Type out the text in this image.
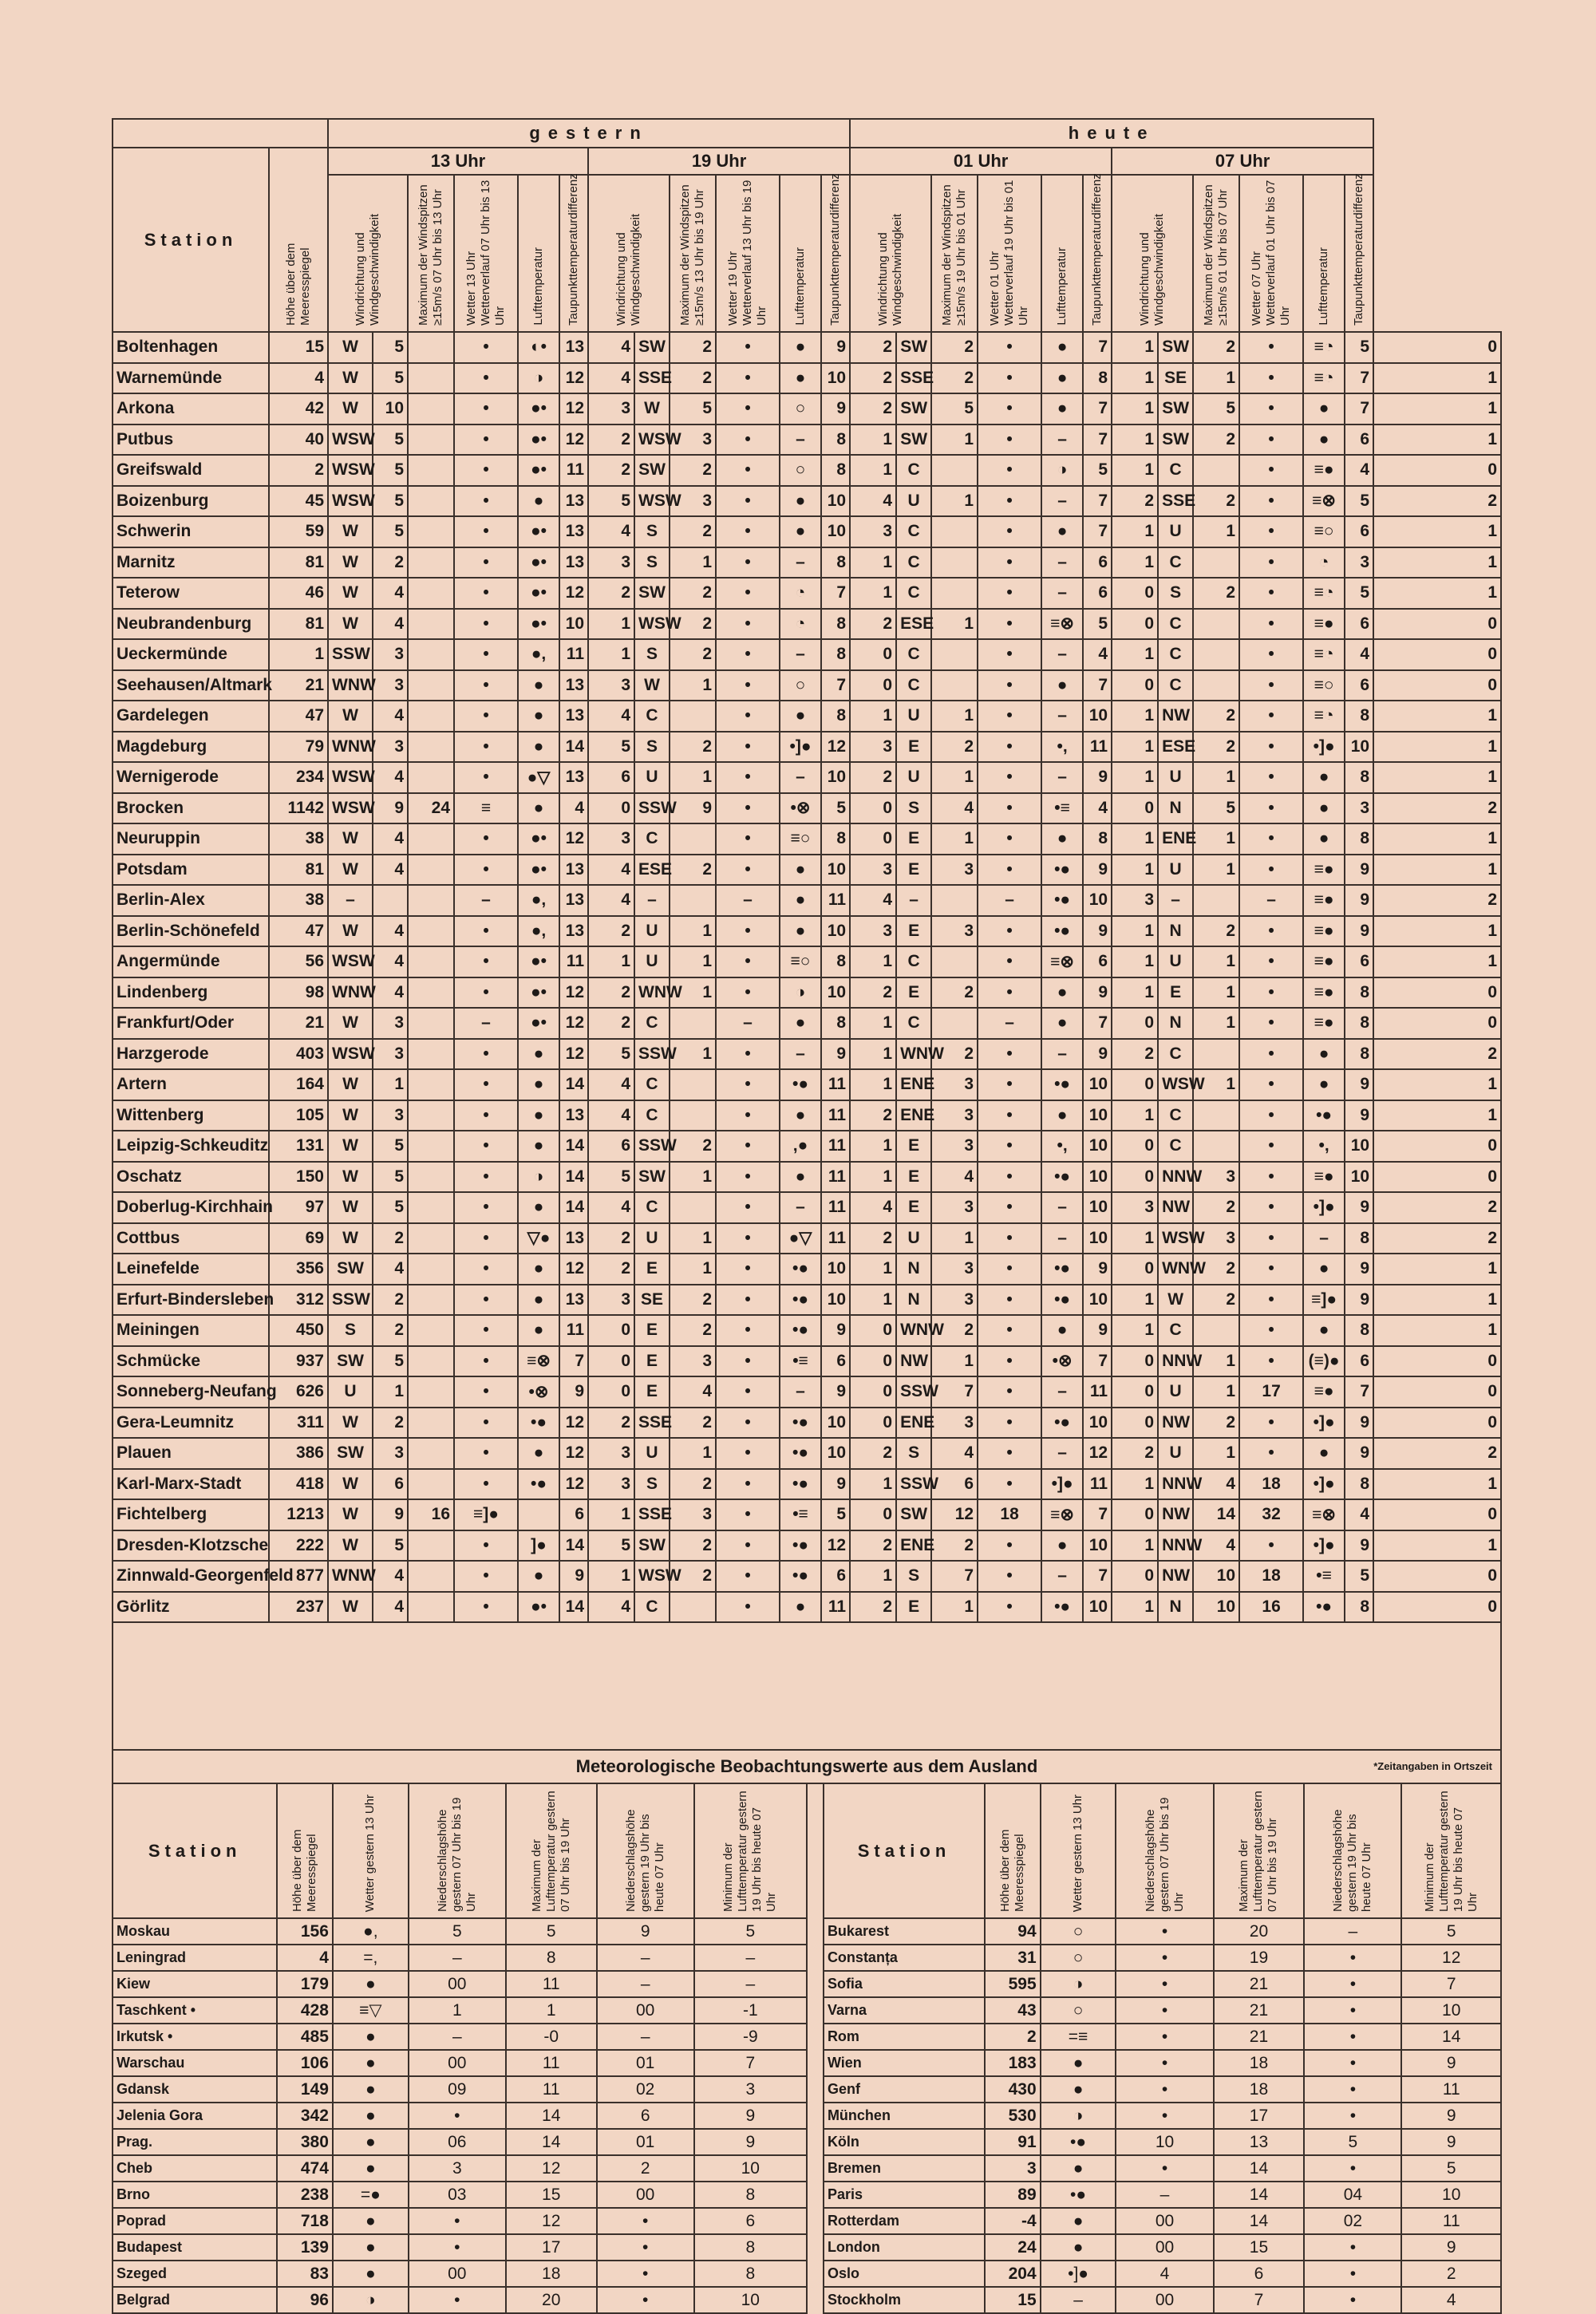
		gestern												heute												
Station	Höhe über dem Meeresspiegel	13 Uhr						19 Uhr						01 Uhr						07 Uhr						
		Windrichtung und Windgeschwindigkeit		Maximum der Windspitzen ≥15m/s 07 Uhr bis 13 Uhr	Wetter 13 Uhr Wetterverlauf 07 Uhr bis 13 Uhr	Lufttemperatur	Taupunkttemperaturdifferenz	Windrichtung und Windgeschwindigkeit		Maximum der Windspitzen ≥15m/s 13 Uhr bis 19 Uhr	Wetter 19 Uhr Wetterverlauf 13 Uhr bis 19 Uhr	Lufttemperatur	Taupunkttemperaturdifferenz	Windrichtung und Windgeschwindigkeit		Maximum der Windspitzen ≥15m/s 19 Uhr bis 01 Uhr	Wetter 01 Uhr Wetterverlauf 19 Uhr bis 01 Uhr	Lufttemperatur	Taupunkttemperaturdifferenz	Windrichtung und Windgeschwindigkeit		Maximum der Windspitzen ≥15m/s 01 Uhr bis 07 Uhr	Wetter 07 Uhr Wetterverlauf 01 Uhr bis 07 Uhr	Lufttemperatur	Taupunkttemperaturdifferenz	
Boltenhagen	15	W	5		•	◐•	13	4	SW	2	•	●	9	2	SW	2	•	●	7	1	SW	2	•	≡◔	5	0
Warnemünde	4	W	5		•	◑	12	4	SSE	2	•	●	10	2	SSE	2	•	●	8	1	SE	1	•	≡◔	7	1
Arkona	42	W	10		•	●•	12	3	W	5	•	○	9	2	SW	5	•	●	7	1	SW	5	•	●	7	1
Putbus	40	WSW	5		•	●•	12	2	WSW	3	•	–	8	1	SW	1	•	–	7	1	SW	2	•	●	6	1
Greifswald	2	WSW	5		•	●•	11	2	SW	2	•	○	8	1	C		•	◑	5	1	C		•	≡●	4	0
Boizenburg	45	WSW	5		•	●	13	5	WSW	3	•	●	10	4	U	1	•	–	7	2	SSE	2	•	≡⊗	5	2
Schwerin	59	W	5		•	●•	13	4	S	2	•	●	10	3	C		•	●	7	1	U	1	•	≡○	6	1
Marnitz	81	W	2		•	●•	13	3	S	1	•	–	8	1	C		•	–	6	1	C		•	◔	3	1
Teterow	46	W	4		•	●•	12	2	SW	2	•	◔	7	1	C		•	–	6	0	S	2	•	≡◔	5	1
Neubrandenburg	81	W	4		•	●•	10	1	WSW	2	•	◔	8	2	ESE	1	•	≡⊗	5	0	C		•	≡●	6	0
Ueckermünde	1	SSW	3		•	●,	11	1	S	2	•	–	8	0	C		•	–	4	1	C		•	≡◔	4	0
Seehausen/Altmark	21	WNW	3		•	●	13	3	W	1	•	○	7	0	C		•	●	7	0	C		•	≡○	6	0
Gardelegen	47	W	4		•	●	13	4	C		•	●	8	1	U	1	•	–	10	1	NW	2	•	≡◔	8	1
Magdeburg	79	WNW	3		•	●	14	5	S	2	•	•]●	12	3	E	2	•	•,	11	1	ESE	2	•	•]●	10	1
Wernigerode	234	WSW	4		•	●▽	13	6	U	1	•	–	10	2	U	1	•	–	9	1	U	1	•	●	8	1
Brocken	1142	WSW	9	24	≡	●	4	0	SSW	9	•	•⊗	5	0	S	4	•	•≡	4	0	N	5	•	●	3	2
Neuruppin	38	W	4		•	●•	12	3	C		•	≡○	8	0	E	1	•	●	8	1	ENE	1	•	●	8	1
Potsdam	81	W	4		•	●•	13	4	ESE	2	•	●	10	3	E	3	•	•●	9	1	U	1	•	≡●	9	1
Berlin-Alex	38	–			–	●,	13	4	–		–	●	11	4	–		–	•●	10	3	–		–	≡●	9	2
Berlin-Schönefeld	47	W	4		•	●,	13	2	U	1	•	●	10	3	E	3	•	•●	9	1	N	2	•	≡●	9	1
Angermünde	56	WSW	4		•	●•	11	1	U	1	•	≡○	8	1	C		•	≡⊗	6	1	U	1	•	≡●	6	1
Lindenberg	98	WNW	4		•	●•	12	2	WNW	1	•	◑	10	2	E	2	•	●	9	1	E	1	•	≡●	8	0
Frankfurt/Oder	21	W	3		–	●•	12	2	C		–	●	8	1	C		–	●	7	0	N	1	•	≡●	8	0
Harzgerode	403	WSW	3		•	●	12	5	SSW	1	•	–	9	1	WNW	2	•	–	9	2	C		•	●	8	2
Artern	164	W	1		•	●	14	4	C		•	•●	11	1	ENE	3	•	•●	10	0	WSW	1	•	●	9	1
Wittenberg	105	W	3		•	●	13	4	C		•	●	11	2	ENE	3	•	●	10	1	C		•	•●	9	1
Leipzig-Schkeuditz	131	W	5		•	●	14	6	SSW	2	•	,●	11	1	E	3	•	•,	10	0	C		•	•,	10	0
Oschatz	150	W	5		•	◑	14	5	SW	1	•	●	11	1	E	4	•	•●	10	0	NNW	3	•	≡●	10	0
Doberlug-Kirchhain	97	W	5		•	●	14	4	C		•	–	11	4	E	3	•	–	10	3	NW	2	•	•]●	9	2
Cottbus	69	W	2		•	▽●	13	2	U	1	•	●▽	11	2	U	1	•	–	10	1	WSW	3	•	–	8	2
Leinefelde	356	SW	4		•	●	12	2	E	1	•	•●	10	1	N	3	•	•●	9	0	WNW	2	•	●	9	1
Erfurt-Bindersleben	312	SSW	2		•	●	13	3	SE	2	•	•●	10	1	N	3	•	•●	10	1	W	2	•	≡]●	9	1
Meiningen	450	S	2		•	●	11	0	E	2	•	•●	9	0	WNW	2	•	●	9	1	C		•	●	8	1
Schmücke	937	SW	5		•	≡⊗	7	0	E	3	•	•≡	6	0	NW	1	•	•⊗	7	0	NNW	1	•	(≡)●	6	0
Sonneberg-Neufang	626	U	1		•	•⊗	9	0	E	4	•	–	9	0	SSW	7	•	–	11	0	U	1	17	≡●	7	0
Gera-Leumnitz	311	W	2		•	•●	12	2	SSE	2	•	•●	10	0	ENE	3	•	•●	10	0	NW	2	•	•]●	9	0
Plauen	386	SW	3		•	●	12	3	U	1	•	•●	10	2	S	4	•	–	12	2	U	1	•	●	9	2
Karl-Marx-Stadt	418	W	6		•	•●	12	3	S	2	•	•●	9	1	SSW	6	•	•]●	11	1	NNW	4	18	•]●	8	1
Fichtelberg	1213	W	9	16	≡]●		6	1	SSE	3	•	•≡	5	0	SW	12	18	≡⊗	7	0	NW	14	32	≡⊗	4	0
Dresden-Klotzsche	222	W	5		•	]●	14	5	SW	2	•	•●	12	2	ENE	2	•	●	10	1	NNW	4	•	•]●	9	1
Zinnwald-Georgenfeld	877	WNW	4		•	●	9	1	WSW	2	•	•●	6	1	S	7	•	–	7	0	NW	10	18	•≡	5	0
Görlitz	237	W	4		•	●•	14	4	C		•	●	11	2	E	1	•	•●	10	1	N	10	16	•●	8	0
Meteorologische Beobachtungswerte aus dem Ausland *Zeitangaben in Ortszeit														

Station	Höhe über dem Meeresspiegel	Wetter gestern 13 Uhr	Niederschlagshöhe gestern 07 Uhr bis 19 Uhr	Maximum der Lufttemperatur gestern 07 Uhr bis 19 Uhr	Niederschlagshöhe gestern 19 Uhr bis heute 07 Uhr	Minimum der Lufttemperatur gestern 19 Uhr bis heute 07 Uhr		Station	Höhe über dem Meeresspiegel	Wetter gestern 13 Uhr	Niederschlagshöhe gestern 07 Uhr bis 19 Uhr	Maximum der Lufttemperatur gestern 07 Uhr bis 19 Uhr	Niederschlagshöhe gestern 19 Uhr bis heute 07 Uhr	Minimum der Lufttemperatur gestern 19 Uhr bis heute 07 Uhr
Moskau	156	●,	5	5	9	5		Bukarest	94	○	•	20	–	5
Leningrad	4	=,	–	8	–	–		Constanța	31	○	•	19	•	12
Kiew	179	●	00	11	–	–		Sofia	595	◑	•	21	•	7
Taschkent •	428	≡▽	1	1	00	-1		Varna	43	○	•	21	•	10
Irkutsk •	485	●	–	-0	–	-9		Rom	2	=≡	•	21	•	14
Warschau	106	●	00	11	01	7		Wien	183	●	•	18	•	9
Gdansk	149	●	09	11	02	3		Genf	430	●	•	18	•	11
Jelenia Gora	342	●	•	14	6	9		München	530	◑	•	17	•	9
Prag.	380	●	06	14	01	9		Köln	91	•●	10	13	5	9
Cheb	474	●	3	12	2	10		Bremen	3	●	•	14	•	5
Brno	238	=●	03	15	00	8		Paris	89	•●	–	14	04	10
Poprad	718	●	•	12	•	6		Rotterdam	-4	●	00	14	02	11
Budapest	139	●	•	17	•	8		London	24	●	00	15	•	9
Szeged	83	●	00	18	•	8		Oslo	204	•]●	4	6	•	2
Belgrad	96	◑	•	20	•	10		Stockholm	15	–	00	7	•	4
